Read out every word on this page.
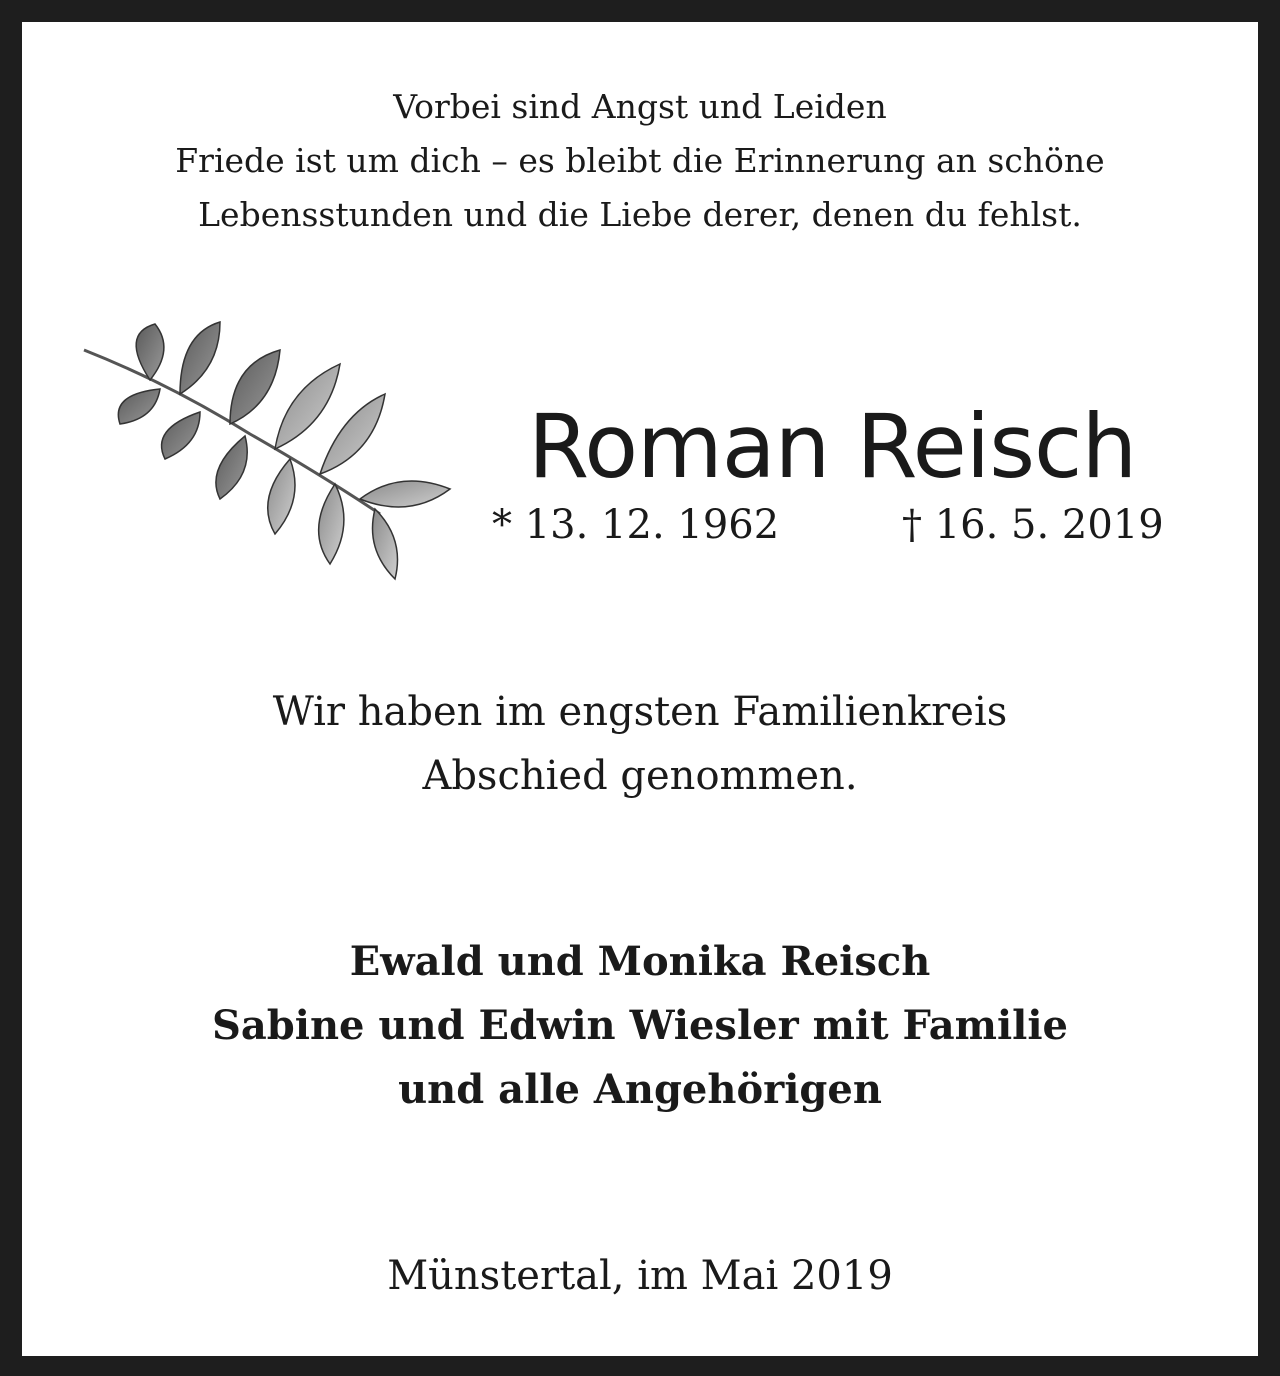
Vorbei sind Angst und Leiden
Friede ist um dich – es bleibt die Erinnerung an schöne
Lebensstunden und die Liebe derer, denen du fehlst.
Roman Reisch
* 13. 12. 1962	† 16. 5. 2019
Wir haben im engsten Familienkreis
Abschied genommen.
Ewald und Monika Reisch
Sabine und Edwin Wiesler mit Familie
und alle Angehörigen
Münstertal, im Mai 2019
